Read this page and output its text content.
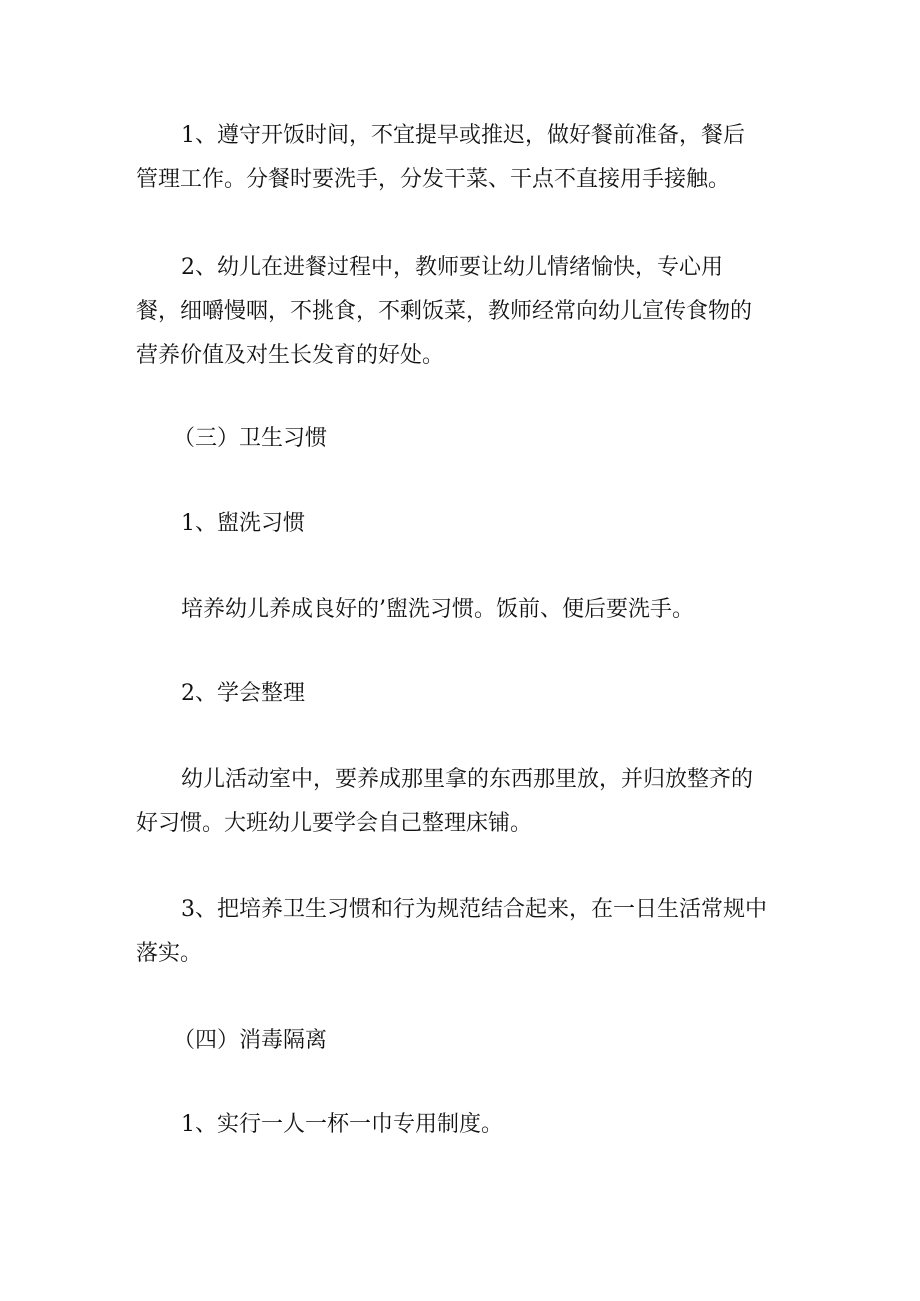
1、遵守开饭时间，不宜提早或推迟，做好餐前准备，餐后
管理工作。分餐时要洗手，分发干菜、干点不直接用手接触。

2、幼儿在进餐过程中，教师要让幼儿情绪愉快，专心用
餐，细嚼慢咽，不挑食，不剩饭菜，教师经常向幼儿宣传食物的
营养价值及对生长发育的好处。

（三）卫生习惯

1、盥洗习惯

培养幼儿养成良好的’盥洗习惯。饭前、便后要洗手。

2、学会整理

幼儿活动室中，要养成那里拿的东西那里放，并归放整齐的
好习惯。大班幼儿要学会自己整理床铺。

3、把培养卫生习惯和行为规范结合起来，在一日生活常规中
落实。

（四）消毒隔离

1、实行一人一杯一巾专用制度。
